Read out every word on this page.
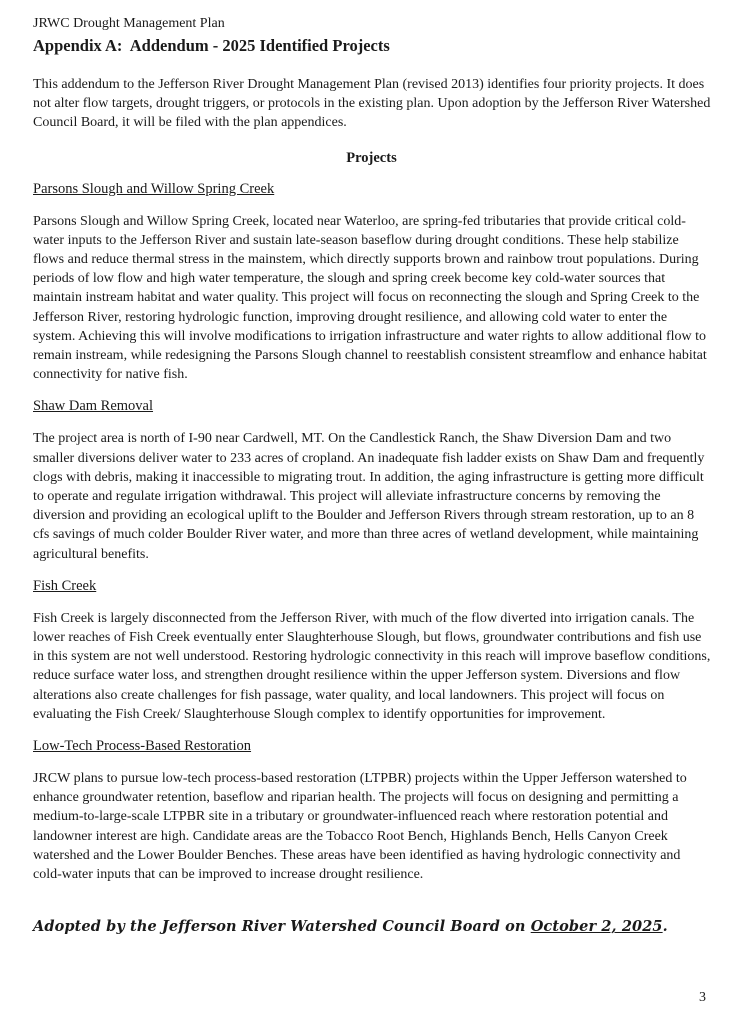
JRWC Drought Management Plan

Appendix A:  Addendum - 2025 Identified Projects

This addendum to the Jefferson River Drought Management Plan (revised 2013) identifies four priority projects. It does not alter flow targets, drought triggers, or protocols in the existing plan. Upon adoption by the Jefferson River Watershed Council Board, it will be filed with the plan appendices.

Projects

Parsons Slough and Willow Spring Creek

Parsons Slough and Willow Spring Creek, located near Waterloo, are spring-fed tributaries that provide critical cold-water inputs to the Jefferson River and sustain late-season baseflow during drought conditions. These help stabilize flows and reduce thermal stress in the mainstem, which directly supports brown and rainbow trout populations. During periods of low flow and high water temperature, the slough and spring creek become key cold-water sources that maintain instream habitat and water quality. This project will focus on reconnecting the slough and Spring Creek to the Jefferson River, restoring hydrologic function, improving drought resilience, and allowing cold water to enter the system. Achieving this will involve modifications to irrigation infrastructure and water rights to allow additional flow to remain instream, while redesigning the Parsons Slough channel to reestablish consistent streamflow and enhance habitat connectivity for native fish.

Shaw Dam Removal

The project area is north of I-90 near Cardwell, MT. On the Candlestick Ranch, the Shaw Diversion Dam and two smaller diversions deliver water to 233 acres of cropland. An inadequate fish ladder exists on Shaw Dam and frequently clogs with debris, making it inaccessible to migrating trout. In addition, the aging infrastructure is getting more difficult to operate and regulate irrigation withdrawal. This project will alleviate infrastructure concerns by removing the diversion and providing an ecological uplift to the Boulder and Jefferson Rivers through stream restoration, up to an 8 cfs savings of much colder Boulder River water, and more than three acres of wetland development, while maintaining agricultural benefits.

Fish Creek

Fish Creek is largely disconnected from the Jefferson River, with much of the flow diverted into irrigation canals. The lower reaches of Fish Creek eventually enter Slaughterhouse Slough, but flows, groundwater contributions and fish use in this system are not well understood. Restoring hydrologic connectivity in this reach will improve baseflow conditions, reduce surface water loss, and strengthen drought resilience within the upper Jefferson system. Diversions and flow alterations also create challenges for fish passage, water quality, and local landowners. This project will focus on evaluating the Fish Creek/ Slaughterhouse Slough complex to identify opportunities for improvement.

Low-Tech Process-Based Restoration

JRCW plans to pursue low-tech process-based restoration (LTPBR) projects within the Upper Jefferson watershed to enhance groundwater retention, baseflow and riparian health. The projects will focus on designing and permitting a medium-to-large-scale LTPBR site in a tributary or groundwater-influenced reach where restoration potential and landowner interest are high. Candidate areas are the Tobacco Root Bench, Highlands Bench, Hells Canyon Creek watershed and the Lower Boulder Benches. These areas have been identified as having hydrologic connectivity and cold-water inputs that can be improved to increase drought resilience.

Adopted by the Jefferson River Watershed Council Board on October 2, 2025.

3
